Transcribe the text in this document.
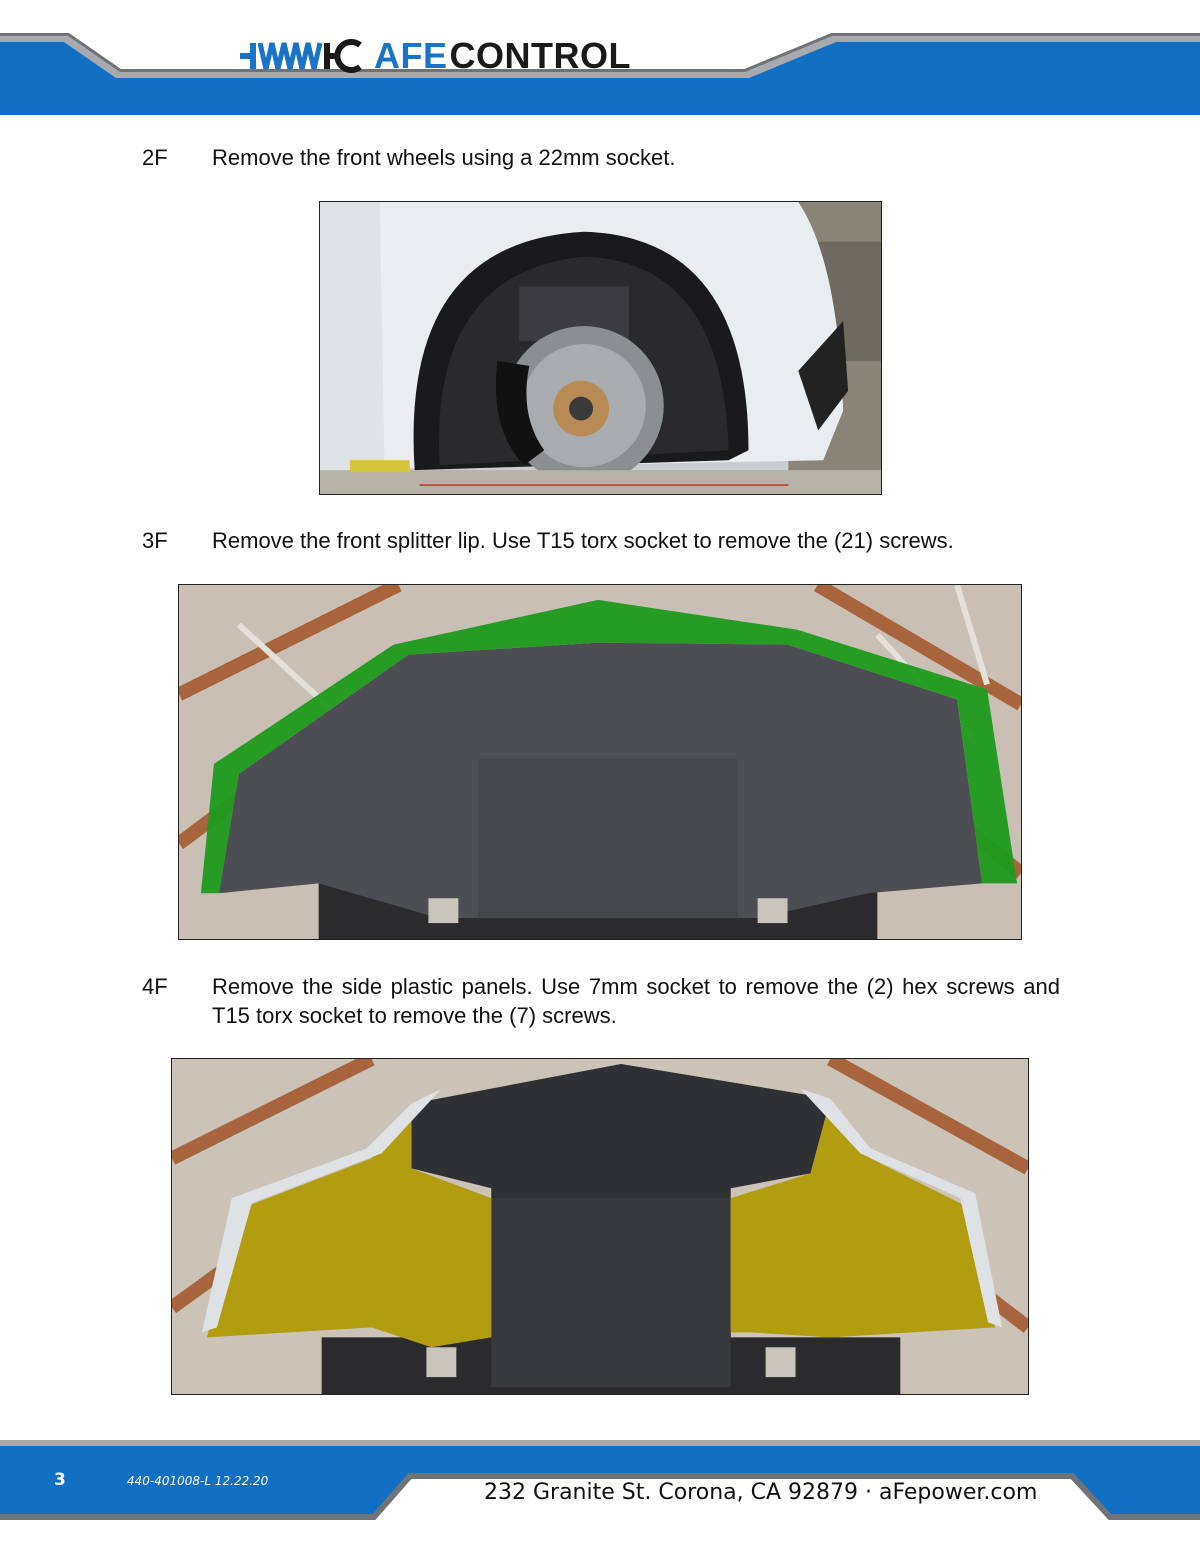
AFE CONTROL
2F Remove the front wheels using a 22mm socket.
3F Remove the front splitter lip. Use T15 torx socket to remove the (21) screws.
4F Remove the side plastic panels. Use 7mm socket to remove the (2) hex screws and T15 torx socket to remove the (7) screws.
3	440-401008-L 12.22.20	232 Granite St. Corona, CA 92879 · aFepower.com
